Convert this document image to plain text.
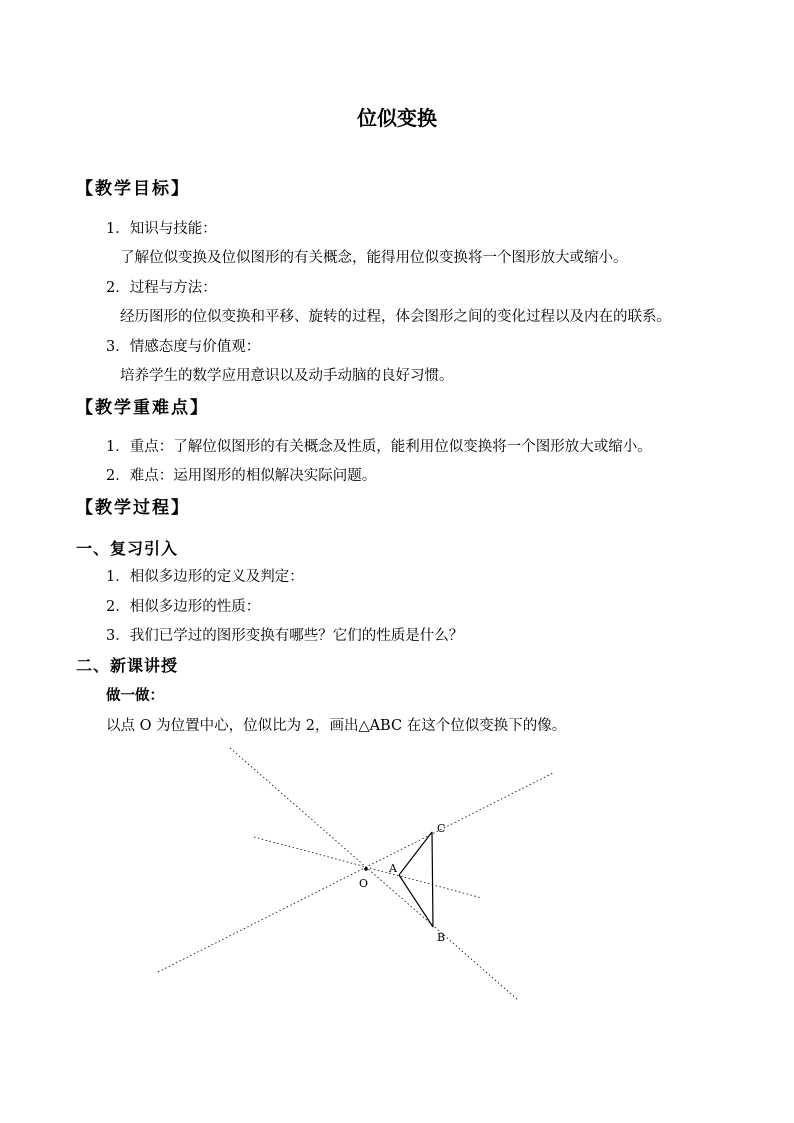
位似变换
【教学目标】
1．知识与技能：
了解位似变换及位似图形的有关概念，能得用位似变换将一个图形放大或缩小。
2．过程与方法：
经历图形的位似变换和平移、旋转的过程，体会图形之间的变化过程以及内在的联系。
3．情感态度与价值观：
培养学生的数学应用意识以及动手动脑的良好习惯。
【教学重难点】
1．重点：了解位似图形的有关概念及性质，能利用位似变换将一个图形放大或缩小。
2．难点：运用图形的相似解决实际问题。
【教学过程】
一、复习引入
1．相似多边形的定义及判定：
2．相似多边形的性质：
3．我们已学过的图形变换有哪些？它们的性质是什么？
二、新课讲授
做一做：
以点 O 为位置中心，位似比为 2，画出△ABC 在这个位似变换下的像。
O
A
B
C
